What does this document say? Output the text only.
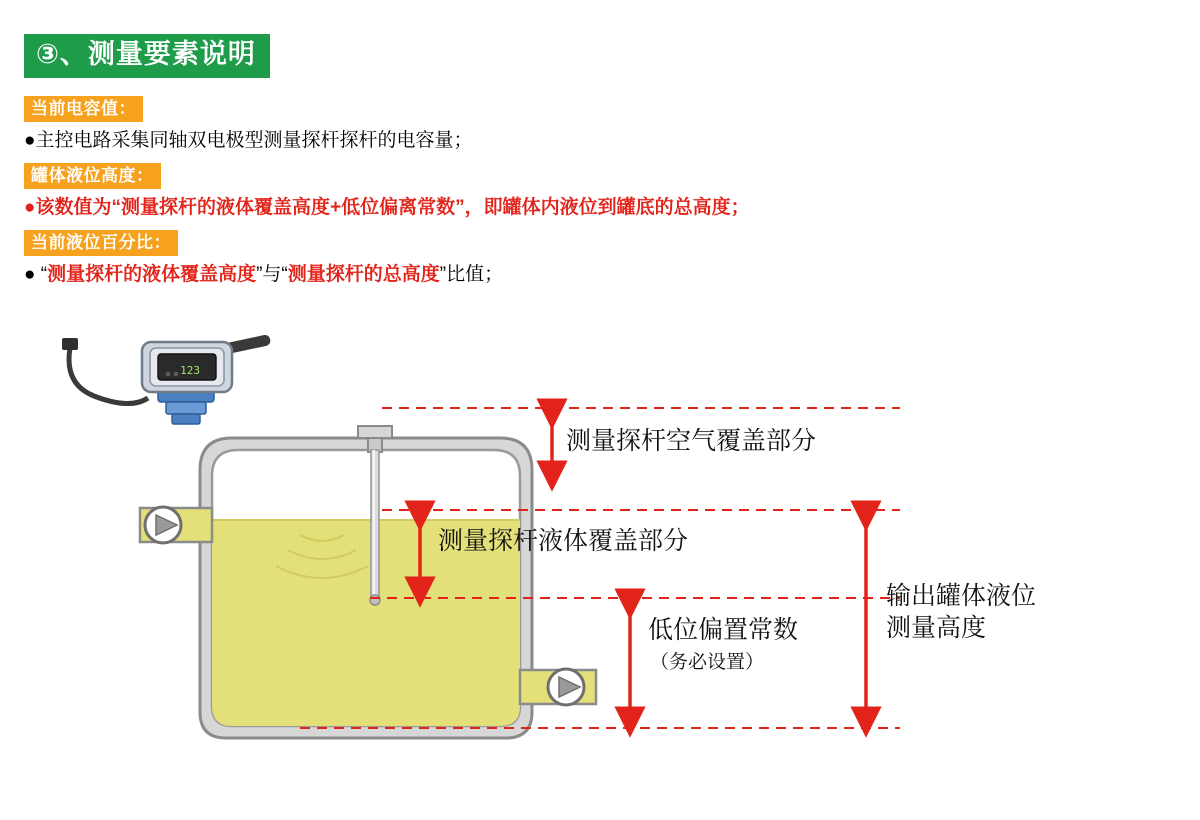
③、测量要素说明
当前电容值：
●主控电路采集同轴双电极型测量探杆探杆的电容量；
罐体液位高度：
●该数值为“测量探杆的液体覆盖高度+低位偏离常数”，即罐体内液位到罐底的总高度；
当前液位百分比：
● “测量探杆的液体覆盖高度”与“测量探杆的总高度”比值；
123
测量探杆空气覆盖部分
测量探杆液体覆盖部分
低位偏置常数
（务必设置）
输出罐体液位
测量高度
